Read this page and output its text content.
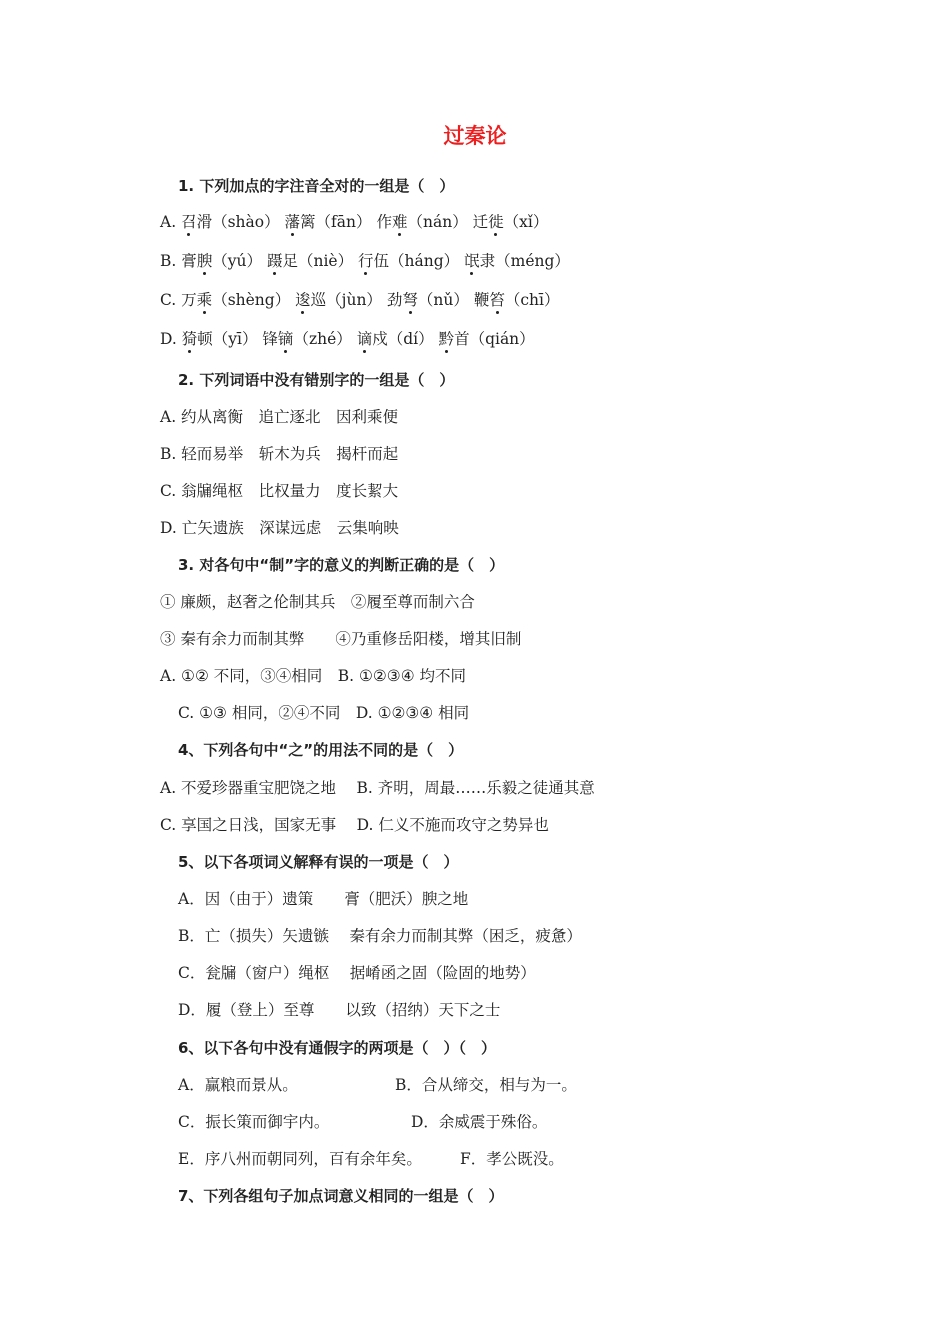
过秦论
1. 下列加点的字注音全对的一组是（　）
A. 召滑（shào） 藩篱（fān） 作难（nán） 迁徙（xǐ）
B. 膏腴（yú） 蹑足（niè） 行伍（háng） 氓隶（méng）
C. 万乘（shèng） 逡巡（jùn） 劲弩（nǔ） 鞭笞（chī）
D. 猗顿（yī） 锋镝（zhé） 谪戍（dí） 黔首（qián）
2. 下列词语中没有错别字的一组是（　）
A. 约从离衡　追亡逐北　因利乘便
B. 轻而易举　斩木为兵　揭杆而起
C. 翁牖绳枢　比权量力　度长絜大
D. 亡矢遗族　深谋远虑　云集响映
3. 对各句中“制”字的意义的判断正确的是（　）
① 廉颇，赵奢之伦制其兵　②履至尊而制六合
③ 秦有余力而制其弊　　④乃重修岳阳楼，增其旧制
A. ①② 不同，③④相同　B. ①②③④ 均不同
C. ①③ 相同，②④不同　D. ①②③④ 相同
4、下列各句中“之”的用法不同的是（　）
A. 不爱珍器重宝肥饶之地　 B. 齐明，周最……乐毅之徒通其意
C. 享国之日浅，国家无事　 D. 仁义不施而攻守之势异也
5、以下各项词义解释有误的一项是（　）
A．因（由于）遗策　　膏（肥沃）腴之地
B．亡（损失）矢遗镞　 秦有余力而制其弊（困乏，疲惫）
C．瓮牖（窗户）绳枢　 据崤函之固（险固的地势）
D．履（登上）至尊　　以致（招纳）天下之士
6、以下各句中没有通假字的两项是（　）（　）
A．赢粮而景从。	B．合从缔交，相与为一。
C．振长策而御宇内。	D．余威震于殊俗。
E．序八州而朝同列，百有余年矣。 F．孝公既没。
7、下列各组句子加点词意义相同的一组是（　）
